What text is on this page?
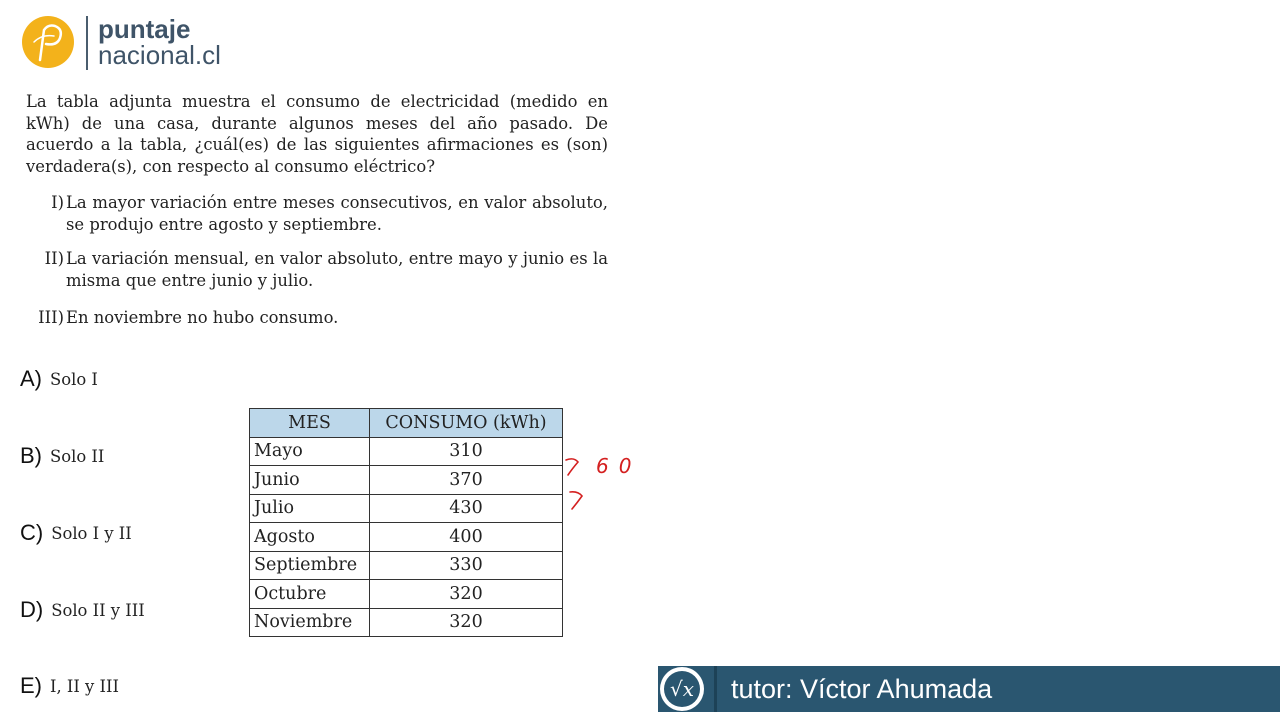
puntaje
nacional.cl
La tabla adjunta muestra el consumo de electricidad (medido en kWh) de una casa, durante algunos meses del año pasado. De acuerdo a la tabla, ¿cuál(es) de las siguientes afirmaciones es (son) verdadera(s), con respecto al consumo eléctrico?
I) La mayor variación entre meses consecutivos, en valor absoluto, se produjo entre agosto y septiembre.
II) La variación mensual, en valor absoluto, entre mayo y junio es la misma que entre junio y julio.
III) En noviembre no hubo consumo.
A) Solo I
B) Solo II
C) Solo I y II
D) Solo II y III
E) I, II y III
MES	CONSUMO (kWh)
Mayo	310
Junio	370
Julio	430
Agosto	400
Septiembre	330
Octubre	320
Noviembre	320
60
√x tutor: Víctor Ahumada
